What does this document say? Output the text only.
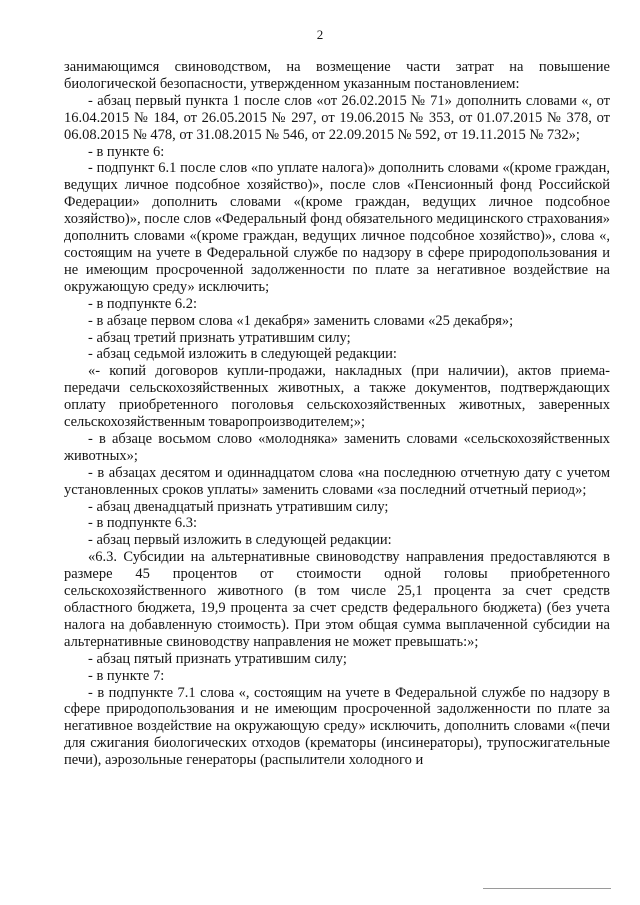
2

занимающимся свиноводством, на возмещение части затрат на повышение биологической безопасности, утвержденном указанным постановлением:

- абзац первый пункта 1 после слов «от 26.02.2015 № 71» дополнить словами «, от 16.04.2015 № 184, от 26.05.2015 № 297, от 19.06.2015 № 353, от 01.07.2015 № 378, от 06.08.2015 № 478, от 31.08.2015 № 546, от 22.09.2015 № 592, от 19.11.2015 № 732»;

- в пункте 6:

- подпункт 6.1 после слов «по уплате налога)» дополнить словами «(кроме граждан, ведущих личное подсобное хозяйство)», после слов «Пенсионный фонд Российской Федерации» дополнить словами «(кроме граждан, ведущих личное подсобное хозяйство)», после слов «Федеральный фонд обязательного медицинского страхования» дополнить словами «(кроме граждан, ведущих личное подсобное хозяйство)», слова «, состоящим на учете в Федеральной службе по надзору в сфере природопользования и не имеющим просроченной задолженности по плате за негативное воздействие на окружающую среду» исключить;

- в подпункте 6.2:

- в абзаце первом слова «1 декабря» заменить словами «25 декабря»;

- абзац третий признать утратившим силу;

- абзац седьмой изложить в следующей редакции:

«- копий договоров купли-продажи, накладных (при наличии), актов приема-передачи сельскохозяйственных животных, а также документов, подтверждающих оплату приобретенного поголовья сельскохозяйственных животных, заверенных сельскохозяйственным товаропроизводителем;»;

- в абзаце восьмом слово «молодняка» заменить словами «сельскохозяйственных животных»;

- в абзацах десятом и одиннадцатом слова «на последнюю отчетную дату с учетом установленных сроков уплаты» заменить словами «за последний отчетный период»;

- абзац двенадцатый признать утратившим силу;

- в подпункте 6.3:

- абзац первый изложить в следующей редакции:

«6.3. Субсидии на альтернативные свиноводству направления предоставляются в размере 45 процентов от стоимости одной головы приобретенного сельскохозяйственного животного (в том числе 25,1 процента за счет средств областного бюджета, 19,9 процента за счет средств федерального бюджета) (без учета налога на добавленную стоимость). При этом общая сумма выплаченной субсидии на альтернативные свиноводству направления не может превышать:»;

- абзац пятый признать утратившим силу;

- в пункте 7:

- в подпункте 7.1 слова «, состоящим на учете в Федеральной службе по надзору в сфере природопользования и не имеющим просроченной задолженности по плате за негативное воздействие на окружающую среду» исключить, дополнить словами «(печи для сжигания биологических отходов (крематоры (инсинераторы), трупосжигательные печи), аэрозольные генераторы (распылители холодного и
